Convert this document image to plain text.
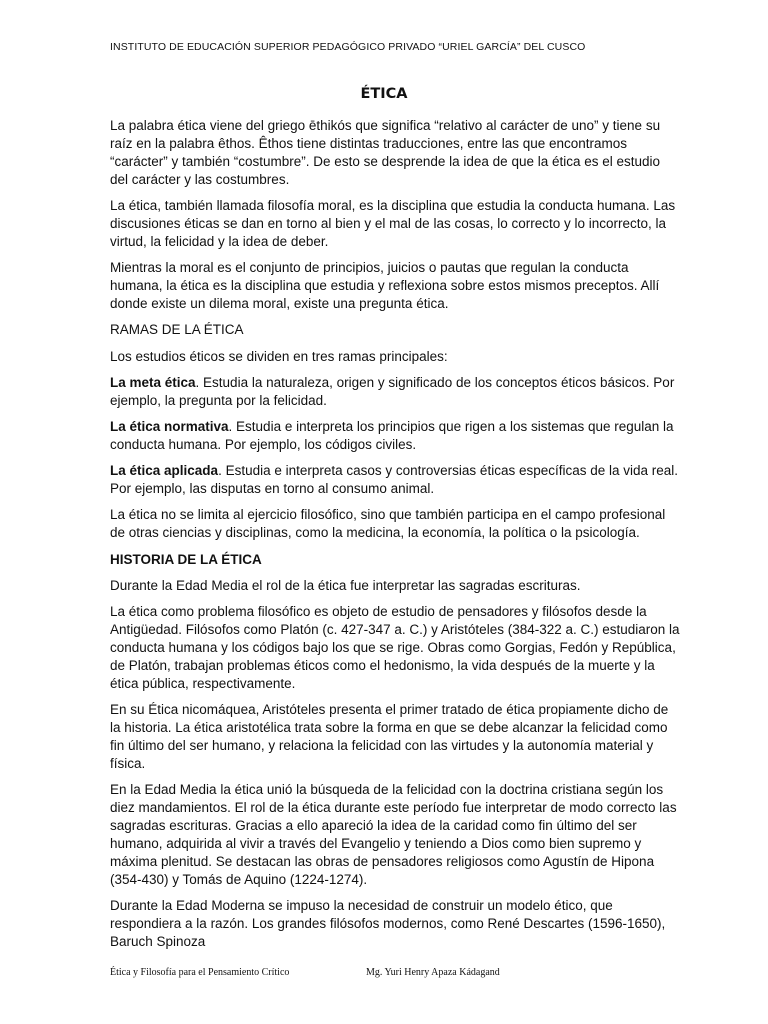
INSTITUTO DE EDUCACIÓN SUPERIOR PEDAGÓGICO PRIVADO “URIEL GARCÍA” DEL CUSCO
ÉTICA

La palabra ética viene del griego ēthikós que significa “relativo al carácter de uno” y tiene su raíz en la palabra êthos. Êthos tiene distintas traducciones, entre las que encontramos “carácter” y también “costumbre”. De esto se desprende la idea de que la ética es el estudio del carácter y las costumbres.

La ética, también llamada filosofía moral, es la disciplina que estudia la conducta humana. Las discusiones éticas se dan en torno al bien y el mal de las cosas, lo correcto y lo incorrecto, la virtud, la felicidad y la idea de deber.

Mientras la moral es el conjunto de principios, juicios o pautas que regulan la conducta humana, la ética es la disciplina que estudia y reflexiona sobre estos mismos preceptos. Allí donde existe un dilema moral, existe una pregunta ética.

RAMAS DE LA ÉTICA

Los estudios éticos se dividen en tres ramas principales:

La meta ética. Estudia la naturaleza, origen y significado de los conceptos éticos básicos. Por ejemplo, la pregunta por la felicidad.

La ética normativa. Estudia e interpreta los principios que rigen a los sistemas que regulan la conducta humana. Por ejemplo, los códigos civiles.

La ética aplicada. Estudia e interpreta casos y controversias éticas específicas de la vida real. Por ejemplo, las disputas en torno al consumo animal.

La ética no se limita al ejercicio filosófico, sino que también participa en el campo profesional de otras ciencias y disciplinas, como la medicina, la economía, la política o la psicología.

HISTORIA DE LA ÉTICA

Durante la Edad Media el rol de la ética fue interpretar las sagradas escrituras.

La ética como problema filosófico es objeto de estudio de pensadores y filósofos desde la Antigüedad. Filósofos como Platón (c. 427-347 a. C.) y Aristóteles (384-322 a. C.) estudiaron la conducta humana y los códigos bajo los que se rige. Obras como Gorgias, Fedón y República, de Platón, trabajan problemas éticos como el hedonismo, la vida después de la muerte y la ética pública, respectivamente.

En su Ética nicomáquea, Aristóteles presenta el primer tratado de ética propiamente dicho de la historia. La ética aristotélica trata sobre la forma en que se debe alcanzar la felicidad como fin último del ser humano, y relaciona la felicidad con las virtudes y la autonomía material y física.

En la Edad Media la ética unió la búsqueda de la felicidad con la doctrina cristiana según los diez mandamientos. El rol de la ética durante este período fue interpretar de modo correcto las sagradas escrituras. Gracias a ello apareció la idea de la caridad como fin último del ser humano, adquirida al vivir a través del Evangelio y teniendo a Dios como bien supremo y máxima plenitud. Se destacan las obras de pensadores religiosos como Agustín de Hipona (354-430) y Tomás de Aquino (1224-1274).

Durante la Edad Moderna se impuso la necesidad de construir un modelo ético, que respondiera a la razón. Los grandes filósofos modernos, como René Descartes (1596-1650), Baruch Spinoza

Ética y Filosofía para el Pensamiento Crítico	Mg. Yuri Henry Apaza Kádagand
